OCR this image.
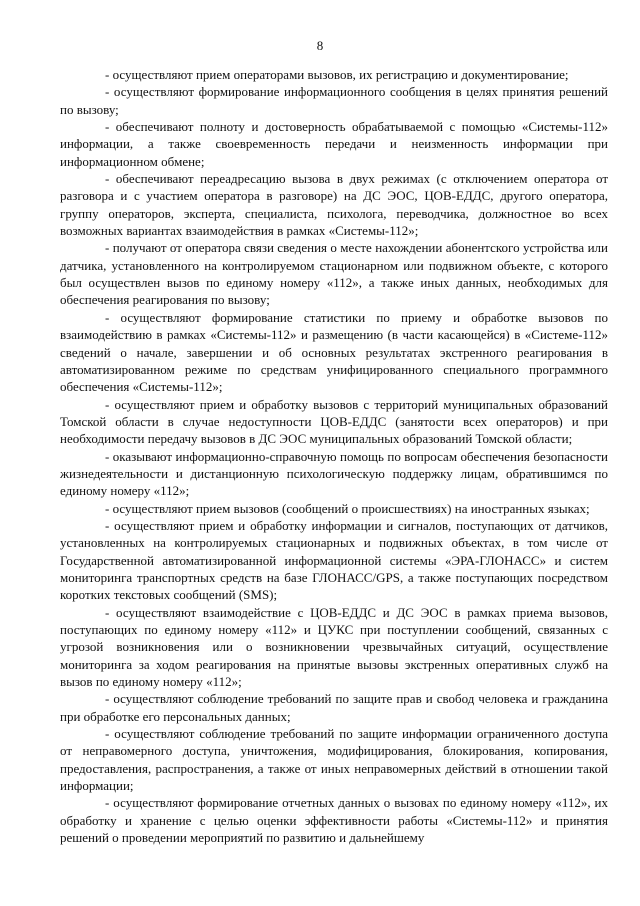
8

- осуществляют прием операторами вызовов, их регистрацию и документирование;

- осуществляют формирование информационного сообщения в целях принятия решений по вызову;

- обеспечивают полноту и достоверность обрабатываемой с помощью «Системы-112» информации, а также своевременность передачи и неизменность информации при информационном обмене;

- обеспечивают переадресацию вызова в двух режимах (с отключением оператора от разговора и с участием оператора в разговоре) на ДС ЭОС, ЦОВ-ЕДДС, другого оператора, группу операторов, эксперта, специалиста, психолога, переводчика, должностное во всех возможных вариантах взаимодействия в рамках «Системы-112»;

- получают от оператора связи сведения о месте нахождении абонентского устройства или датчика, установленного на контролируемом стационарном или подвижном объекте, с которого был осуществлен вызов по единому номеру «112», а также иных данных, необходимых для обеспечения реагирования по вызову;

- осуществляют формирование статистики по приему и обработке вызовов по взаимодействию в рамках «Системы-112» и размещению (в части касающейся) в «Системе-112» сведений о начале, завершении и об основных результатах экстренного реагирования в автоматизированном режиме по средствам унифицированного специального программного обеспечения «Системы-112»;

- осуществляют прием и обработку вызовов с территорий муниципальных образований Томской области в случае недоступности ЦОВ-ЕДДС (занятости всех операторов) и при необходимости передачу вызовов в ДС ЭОС муниципальных образований Томской области;

- оказывают информационно-справочную помощь по вопросам обеспечения безопасности жизнедеятельности и дистанционную психологическую поддержку лицам, обратившимся по единому номеру «112»;

- осуществляют прием вызовов (сообщений о происшествиях) на иностранных языках;

- осуществляют прием и обработку информации и сигналов, поступающих от датчиков, установленных на контролируемых стационарных и подвижных объектах, в том числе от Государственной автоматизированной информационной системы «ЭРА-ГЛОНАСС» и систем мониторинга транспортных средств на базе ГЛОНАСС/GPS, а также поступающих посредством коротких текстовых сообщений (SMS);

- осуществляют взаимодействие с ЦОВ-ЕДДС и ДС ЭОС в рамках приема вызовов, поступающих по единому номеру «112» и ЦУКС при поступлении сообщений, связанных с угрозой возникновения или о возникновении чрезвычайных ситуаций, осуществление мониторинга за ходом реагирования на принятые вызовы экстренных оперативных служб на вызов по единому номеру «112»;

- осуществляют соблюдение требований по защите прав и свобод человека и гражданина при обработке его персональных данных;

- осуществляют соблюдение требований по защите информации ограниченного доступа от неправомерного доступа, уничтожения, модифицирования, блокирования, копирования, предоставления, распространения, а также от иных неправомерных действий в отношении такой информации;

- осуществляют формирование отчетных данных о вызовах по единому номеру «112», их обработку и хранение с целью оценки эффективности работы «Системы-112» и принятия решений о проведении мероприятий по развитию и дальнейшему
